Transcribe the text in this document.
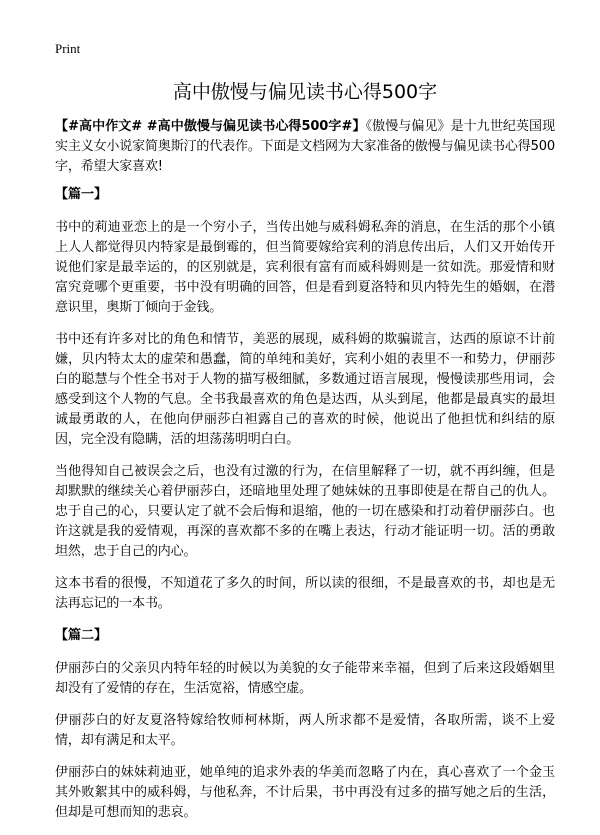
Print
高中傲慢与偏见读书心得500字

【#高中作文# #高中傲慢与偏见读书心得500字#】《傲慢与偏见》是十九世纪英国现实主义女小说家简奥斯汀的代表作。下面是文档网为大家准备的傲慢与偏见读书心得500字，希望大家喜欢!

【篇一】

书中的莉迪亚恋上的是一个穷小子，当传出她与威科姆私奔的消息，在生活的那个小镇上人人都觉得贝内特家是最倒霉的，但当简要嫁给宾利的消息传出后，人们又开始传开说他们家是最幸运的，的区别就是，宾利很有富有而威科姆则是一贫如洗。那爱情和财富究竟哪个更重要，书中没有明确的回答，但是看到夏洛特和贝内特先生的婚姻，在潜意识里，奥斯丁倾向于金钱。

书中还有许多对比的角色和情节，美恶的展现，威科姆的欺骗谎言，达西的原谅不计前嫌，贝内特太太的虚荣和愚蠢，简的单纯和美好，宾利小姐的表里不一和势力，伊丽莎白的聪慧与个性全书对于人物的描写极细腻，多数通过语言展现，慢慢读那些用词，会感受到这个人物的气息。全书我最喜欢的角色是达西，从头到尾，他都是最真实的最坦诚最勇敢的人，在他向伊丽莎白袒露自己的喜欢的时候，他说出了他担忧和纠结的原因，完全没有隐瞒，活的坦荡荡明明白白。

当他得知自己被误会之后，也没有过激的行为，在信里解释了一切，就不再纠缠，但是却默默的继续关心着伊丽莎白，还暗地里处理了她妹妹的丑事即使是在帮自己的仇人。忠于自己的心，只要认定了就不会后悔和退缩，他的一切在感染和打动着伊丽莎白。也许这就是我的爱情观，再深的喜欢都不多的在嘴上表达，行动才能证明一切。活的勇敢坦然，忠于自己的内心。

这本书看的很慢，不知道花了多久的时间，所以读的很细，不是最喜欢的书，却也是无法再忘记的一本书。

【篇二】

伊丽莎白的父亲贝内特年轻的时候以为美貌的女子能带来幸福，但到了后来这段婚姻里却没有了爱情的存在，生活宽裕，情感空虚。

伊丽莎白的好友夏洛特嫁给牧师柯林斯，两人所求都不是爱情，各取所需，谈不上爱情，却有满足和太平。

伊丽莎白的妹妹莉迪亚，她单纯的追求外表的华美而忽略了内在，真心喜欢了一个金玉其外败絮其中的威科姆，与他私奔，不计后果，书中再没有过多的描写她之后的生活，但却是可想而知的悲哀。
